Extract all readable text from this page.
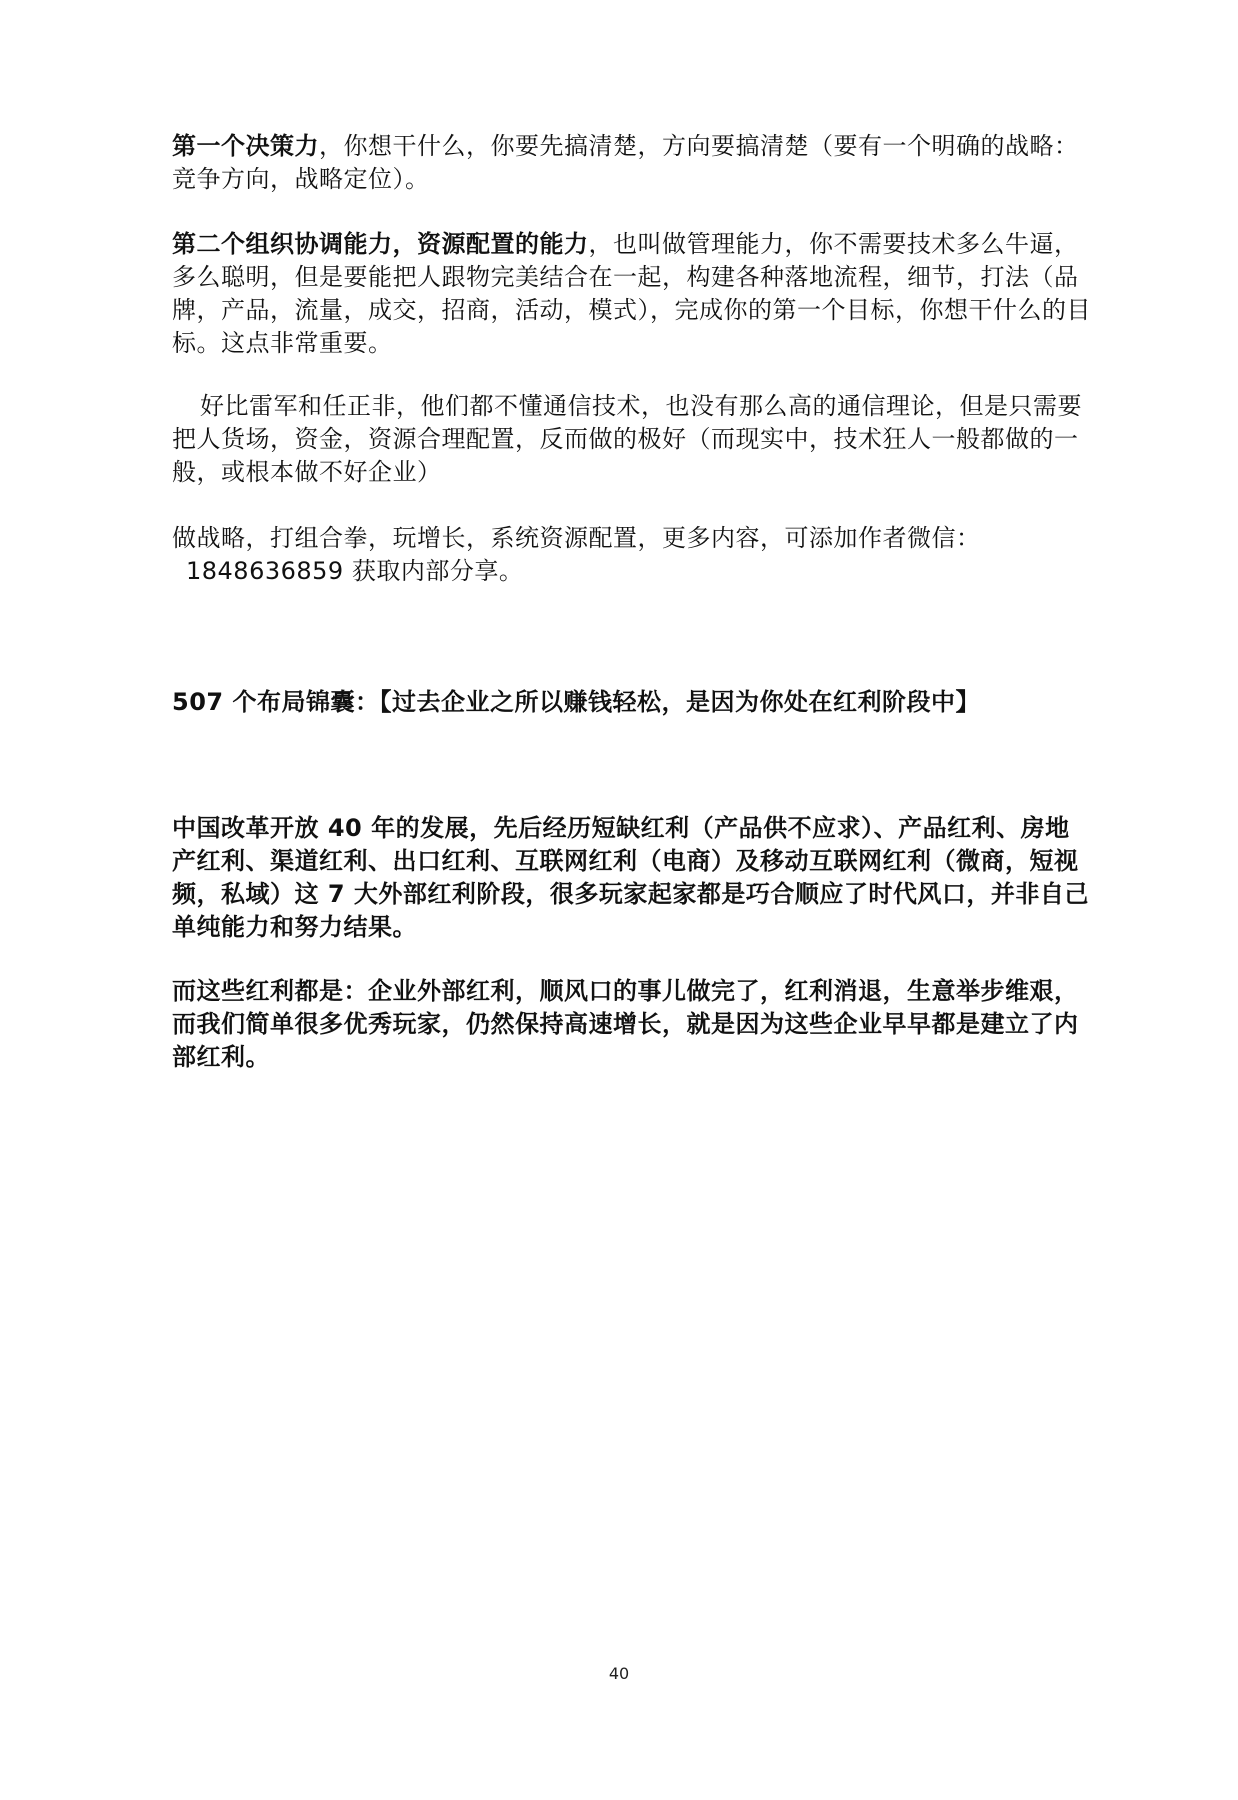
第一个决策力，你想干什么，你要先搞清楚，方向要搞清楚（要有一个明确的战略：竞争方向，战略定位）。
第二个组织协调能力，资源配置的能力，也叫做管理能力，你不需要技术多么牛逼，多么聪明，但是要能把人跟物完美结合在一起，构建各种落地流程，细节，打法（品牌，产品，流量，成交，招商，活动，模式），完成你的第一个目标，你想干什么的目标。这点非常重要。
好比雷军和任正非，他们都不懂通信技术，也没有那么高的通信理论，但是只需要把人货场，资金，资源合理配置，反而做的极好（而现实中，技术狂人一般都做的一般，或根本做不好企业）
做战略，打组合拳，玩增长，系统资源配置，更多内容，可添加作者微信：
1848636859 获取内部分享。
507 个布局锦囊：【过去企业之所以赚钱轻松，是因为你处在红利阶段中】
中国改革开放 40 年的发展，先后经历短缺红利（产品供不应求）、产品红利、房地产红利、渠道红利、出口红利、互联网红利（电商）及移动互联网红利（微商，短视频，私域）这 7 大外部红利阶段，很多玩家起家都是巧合顺应了时代风口，并非自己单纯能力和努力结果。
而这些红利都是：企业外部红利，顺风口的事儿做完了，红利消退，生意举步维艰，而我们简单很多优秀玩家，仍然保持高速增长，就是因为这些企业早早都是建立了内部红利。
40
